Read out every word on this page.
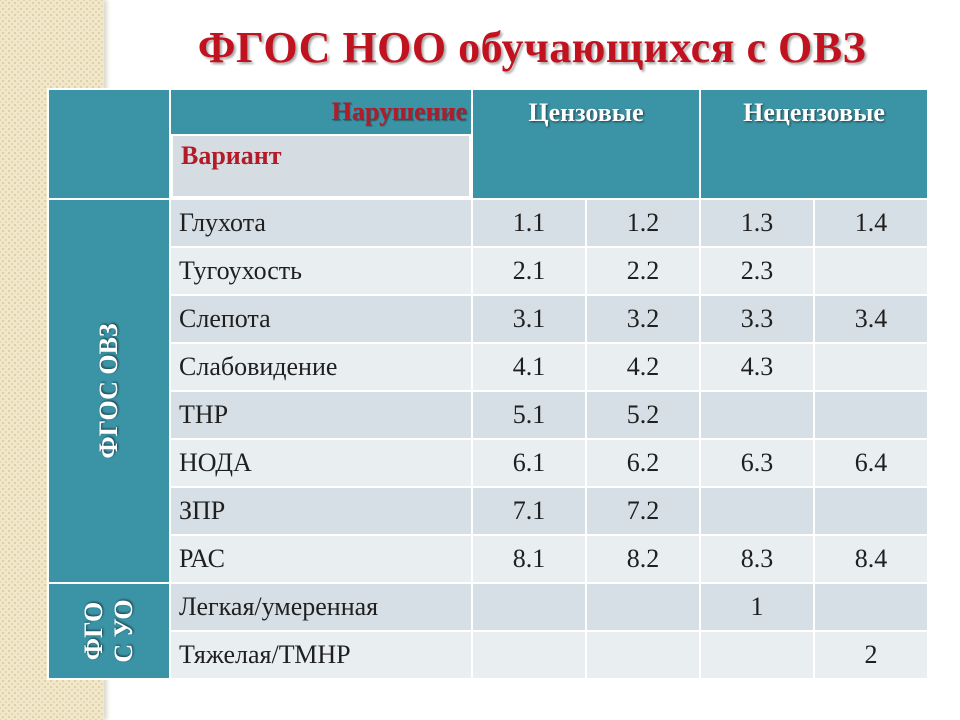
ФГОС НОО обучающихся с ОВЗ

	Нарушение
Вариант	Цензовые		Нецензовые	

ФГОС ОВЗ	Глухота	1.1	1.2	1.3	1.4
	Тугоухость	2.1	2.2	2.3	
	Слепота	3.1	3.2	3.3	3.4
	Слабовидение	4.1	4.2	4.3	
	ТНР	5.1	5.2		
	НОДА	6.1	6.2	6.3	6.4
	ЗПР	7.1	7.2		
	РАС	8.1	8.2	8.3	8.4

ФГО
С УО	Легкая/умеренная			1	
	Тяжелая/ТМНР				2
